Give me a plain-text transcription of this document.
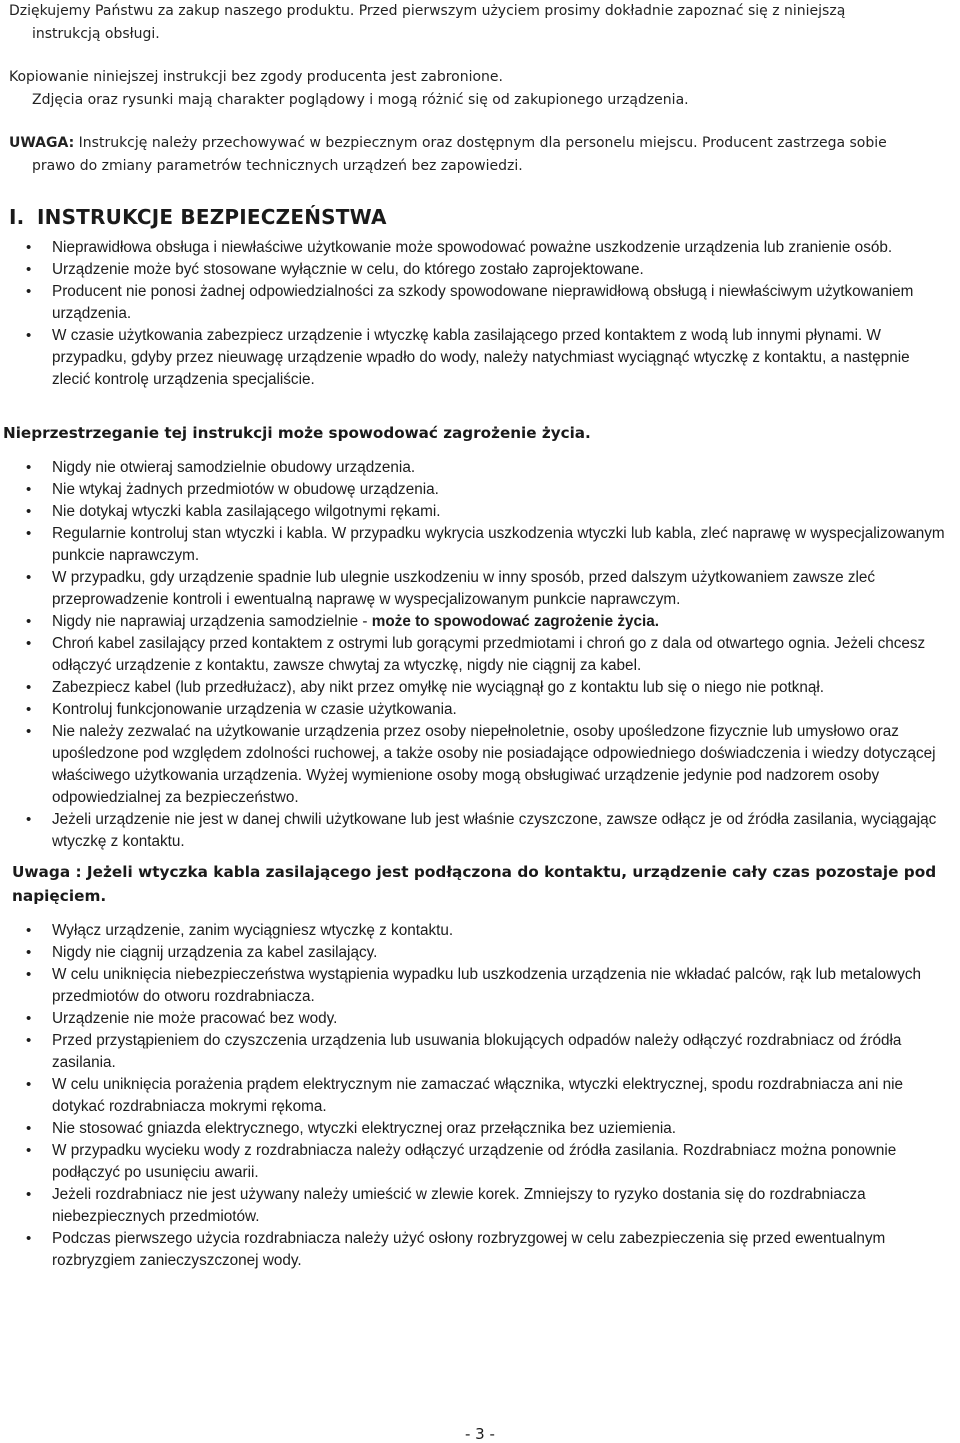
Dziękujemy Państwu za zakup naszego produktu. Przed pierwszym użyciem prosimy dokładnie zapoznać się z niniejszą
instrukcją obsługi.
Kopiowanie niniejszej instrukcji bez zgody producenta jest zabronione.
Zdjęcia oraz rysunki mają charakter poglądowy i mogą różnić się od zakupionego urządzenia.
UWAGA: Instrukcję należy przechowywać w bezpiecznym oraz dostępnym dla personelu miejscu. Producent zastrzega sobie
prawo do zmiany parametrów technicznych urządzeń bez zapowiedzi.
I. INSTRUKCJE BEZPIECZEŃSTWA
• Nieprawidłowa obsługa i niewłaściwe użytkowanie może spowodować poważne uszkodzenie urządzenia lub zranienie osób.
• Urządzenie może być stosowane wyłącznie w celu, do którego zostało zaprojektowane.
• Producent nie ponosi żadnej odpowiedzialności za szkody spowodowane nieprawidłową obsługą i niewłaściwym użytkowaniem urządzenia.
• W czasie użytkowania zabezpiecz urządzenie i wtyczkę kabla zasilającego przed kontaktem z wodą lub innymi płynami. W przypadku, gdyby przez nieuwagę urządzenie wpadło do wody, należy natychmiast wyciągnąć wtyczkę z kontaktu, a następnie zlecić kontrolę urządzenia specjaliście.
Nieprzestrzeganie tej instrukcji może spowodować zagrożenie życia.
• Nigdy nie otwieraj samodzielnie obudowy urządzenia.
• Nie wtykaj żadnych przedmiotów w obudowę urządzenia.
• Nie dotykaj wtyczki kabla zasilającego wilgotnymi rękami.
• Regularnie kontroluj stan wtyczki i kabla. W przypadku wykrycia uszkodzenia wtyczki lub kabla, zleć naprawę w wyspecjalizowanym punkcie naprawczym.
• W przypadku, gdy urządzenie spadnie lub ulegnie uszkodzeniu w inny sposób, przed dalszym użytkowaniem zawsze zleć przeprowadzenie kontroli i ewentualną naprawę w wyspecjalizowanym punkcie naprawczym.
• Nigdy nie naprawiaj urządzenia samodzielnie - może to spowodować zagrożenie życia.
• Chroń kabel zasilający przed kontaktem z ostrymi lub gorącymi przedmiotami i chroń go z dala od otwartego ognia. Jeżeli chcesz odłączyć urządzenie z kontaktu, zawsze chwytaj za wtyczkę, nigdy nie ciągnij za kabel.
• Zabezpiecz kabel (lub przedłużacz), aby nikt przez omyłkę nie wyciągnął go z kontaktu lub się o niego nie potknął.
• Kontroluj funkcjonowanie urządzenia w czasie użytkowania.
• Nie należy zezwalać na użytkowanie urządzenia przez osoby niepełnoletnie, osoby upośledzone fizycznie lub umysłowo oraz upośledzone pod względem zdolności ruchowej, a także osoby nie posiadające odpowiedniego doświadczenia i wiedzy dotyczącej właściwego użytkowania urządzenia. Wyżej wymienione osoby mogą obsługiwać urządzenie jedynie pod nadzorem osoby odpowiedzialnej za bezpieczeństwo.
• Jeżeli urządzenie nie jest w danej chwili użytkowane lub jest właśnie czyszczone, zawsze odłącz je od źródła zasilania, wyciągając wtyczkę z kontaktu.
Uwaga : Jeżeli wtyczka kabla zasilającego jest podłączona do kontaktu, urządzenie cały czas pozostaje pod napięciem.
• Wyłącz urządzenie, zanim wyciągniesz wtyczkę z kontaktu.
• Nigdy nie ciągnij urządzenia za kabel zasilający.
• W celu uniknięcia niebezpieczeństwa wystąpienia wypadku lub uszkodzenia urządzenia nie wkładać palców, rąk lub metalowych przedmiotów do otworu rozdrabniacza.
• Urządzenie nie może pracować bez wody.
• Przed przystąpieniem do czyszczenia urządzenia lub usuwania blokujących odpadów należy odłączyć rozdrabniacz od źródła zasilania.
• W celu uniknięcia porażenia prądem elektrycznym nie zamaczać włącznika, wtyczki elektrycznej, spodu rozdrabniacza ani nie dotykać rozdrabniacza mokrymi rękoma.
• Nie stosować gniazda elektrycznego, wtyczki elektrycznej oraz przełącznika bez uziemienia.
• W przypadku wycieku wody z rozdrabniacza należy odłączyć urządzenie od źródła zasilania. Rozdrabniacz można ponownie podłączyć po usunięciu awarii.
• Jeżeli rozdrabniacz nie jest używany należy umieścić w zlewie korek. Zmniejszy to ryzyko dostania się do rozdrabniacza niebezpiecznych przedmiotów.
• Podczas pierwszego użycia rozdrabniacza należy użyć osłony rozbryzgowej w celu zabezpieczenia się przed ewentualnym rozbryzgiem zanieczyszczonej wody.
- 3 -
